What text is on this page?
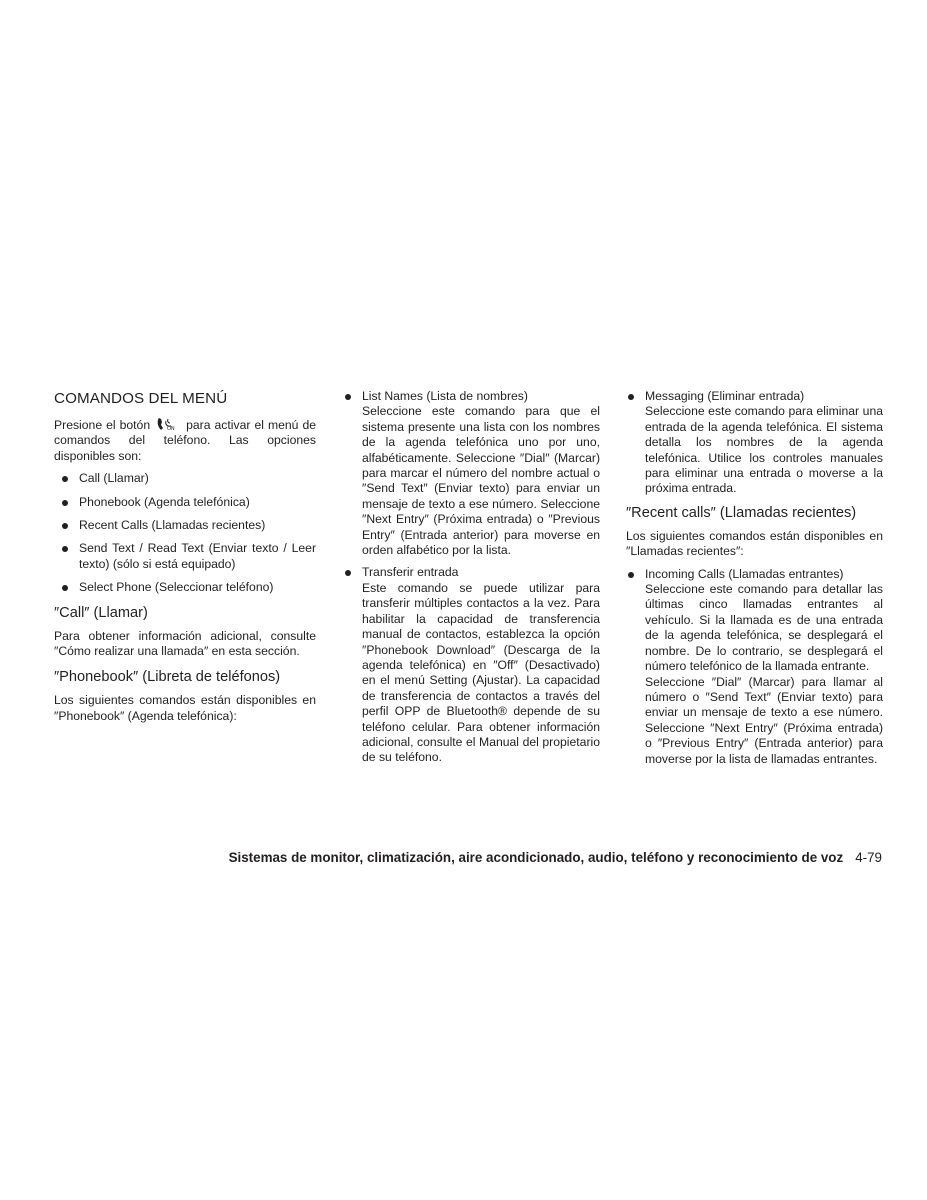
COMANDOS DEL MENÚ

Presione el botón	ON para activar el menú de comandos del teléfono. Las opciones disponibles son:

Call (Llamar)
Phonebook (Agenda telefónica)
Recent Calls (Llamadas recientes)
Send Text / Read Text (Enviar texto / Leer texto) (sólo si está equipado)
Select Phone (Seleccionar teléfono)
″Call″ (Llamar)

Para obtener información adicional, consulte ″Cómo realizar una llamada″ en esta sección.

″Phonebook″ (Libreta de teléfonos)

Los siguientes comandos están disponibles en ″Phonebook″ (Agenda telefónica):

List Names (Lista de nombres)

Seleccione este comando para que el sistema presente una lista con los nombres de la agenda telefónica uno por uno, alfabéticamente. Seleccione ″Dial″ (Marcar) para marcar el número del nombre actual o ″Send Text″ (Enviar texto) para enviar un mensaje de texto a ese número. Seleccione ″Next Entry″ (Próxima entrada) o ″Previous Entry″ (Entrada anterior) para moverse en orden alfabético por la lista.

Transferir entrada

Este comando se puede utilizar para transferir múltiples contactos a la vez. Para habilitar la capacidad de transferencia manual de contactos, establezca la opción ″Phonebook Download″ (Descarga de la agenda telefónica) en ″Off″ (Desactivado) en el menú Setting (Ajustar). La capacidad de transferencia de contactos a través del perfil OPP de Bluetooth® depende de su teléfono celular. Para obtener información adicional, consulte el Manual del propietario de su teléfono.

Messaging (Eliminar entrada)

Seleccione este comando para eliminar una entrada de la agenda telefónica. El sistema detalla los nombres de la agenda telefónica. Utilice los controles manuales para eliminar una entrada o moverse a la próxima entrada.

″Recent calls″ (Llamadas recientes)

Los siguientes comandos están disponibles en ″Llamadas recientes″:

Incoming Calls (Llamadas entrantes)

Seleccione este comando para detallar las últimas cinco llamadas entrantes al vehículo. Si la llamada es de una entrada de la agenda telefónica, se desplegará el nombre. De lo contrario, se desplegará el número telefónico de la llamada entrante.

Seleccione ″Dial″ (Marcar) para llamar al número o ″Send Text″ (Enviar texto) para enviar un mensaje de texto a ese número. Seleccione ″Next Entry″ (Próxima entrada) o ″Previous Entry″ (Entrada anterior) para moverse por la lista de llamadas entrantes.

Sistemas de monitor, climatización, aire acondicionado, audio, teléfono y reconocimiento de voz 4-79
